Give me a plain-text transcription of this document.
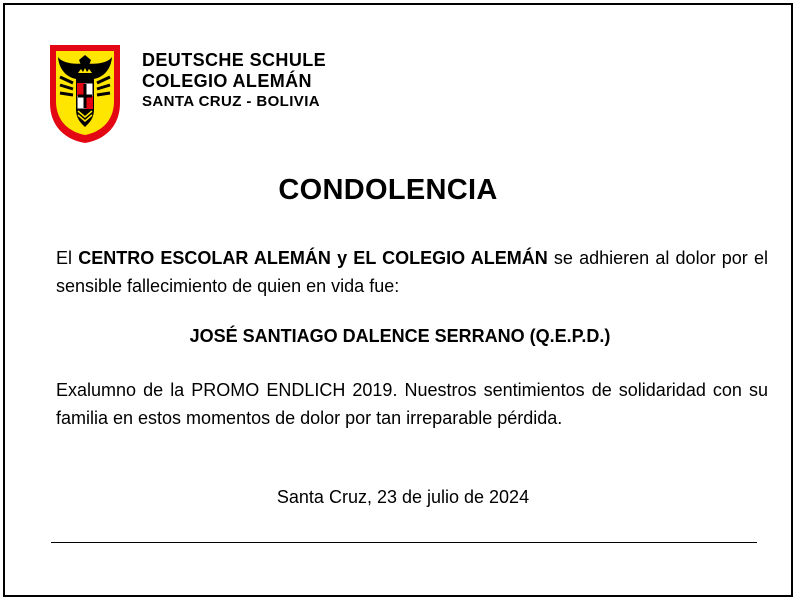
DEUTSCHE SCHULE
COLEGIO ALEMÁN
SANTA CRUZ - BOLIVIA
CONDOLENCIA
El CENTRO ESCOLAR ALEMÁN y EL COLEGIO ALEMÁN se adhieren al dolor por el sensible fallecimiento de quien en vida fue:
JOSÉ SANTIAGO DALENCE SERRANO (Q.E.P.D.)
Exalumno de la PROMO ENDLICH 2019. Nuestros sentimientos de solidaridad con su familia en estos momentos de dolor por tan irreparable pérdida.
Santa Cruz, 23 de julio de 2024
